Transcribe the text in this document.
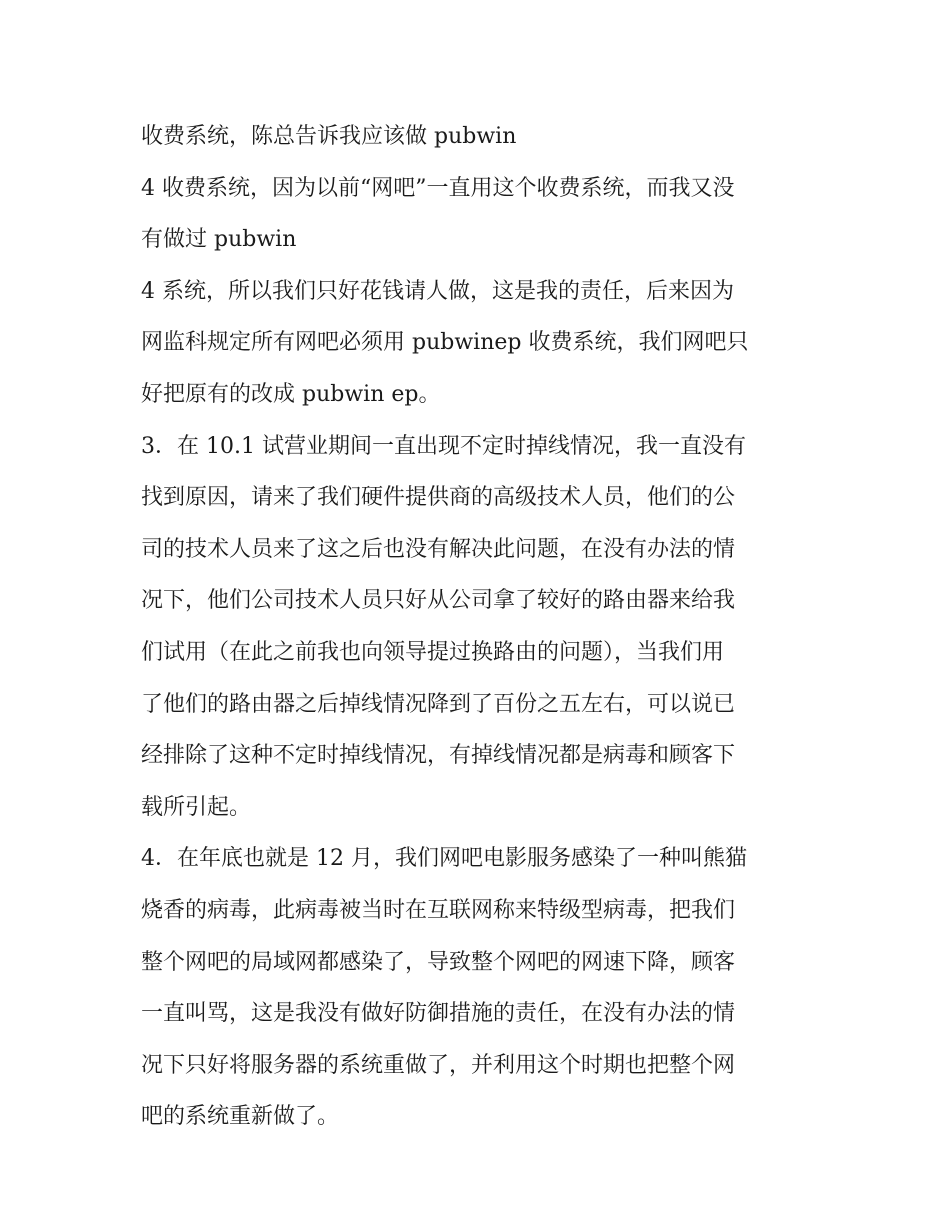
收费系统，陈总告诉我应该做 pubwin
4 收费系统，因为以前“网吧”一直用这个收费系统，而我又没
有做过 pubwin
4 系统，所以我们只好花钱请人做，这是我的责任，后来因为
网监科规定所有网吧必须用 pubwinep 收费系统，我们网吧只
好把原有的改成 pubwin ep。
3．在 10.1 试营业期间一直出现不定时掉线情况，我一直没有
找到原因，请来了我们硬件提供商的高级技术人员，他们的公
司的技术人员来了这之后也没有解决此问题，在没有办法的情
况下，他们公司技术人员只好从公司拿了较好的路由器来给我
们试用（在此之前我也向领导提过换路由的问题），当我们用
了他们的路由器之后掉线情况降到了百份之五左右，可以说已
经排除了这种不定时掉线情况，有掉线情况都是病毒和顾客下
载所引起。
4．在年底也就是 12 月，我们网吧电影服务感染了一种叫熊猫
烧香的病毒，此病毒被当时在互联网称来特级型病毒，把我们
整个网吧的局域网都感染了，导致整个网吧的网速下降，顾客
一直叫骂，这是我没有做好防御措施的责任，在没有办法的情
况下只好将服务器的系统重做了，并利用这个时期也把整个网
吧的系统重新做了。
